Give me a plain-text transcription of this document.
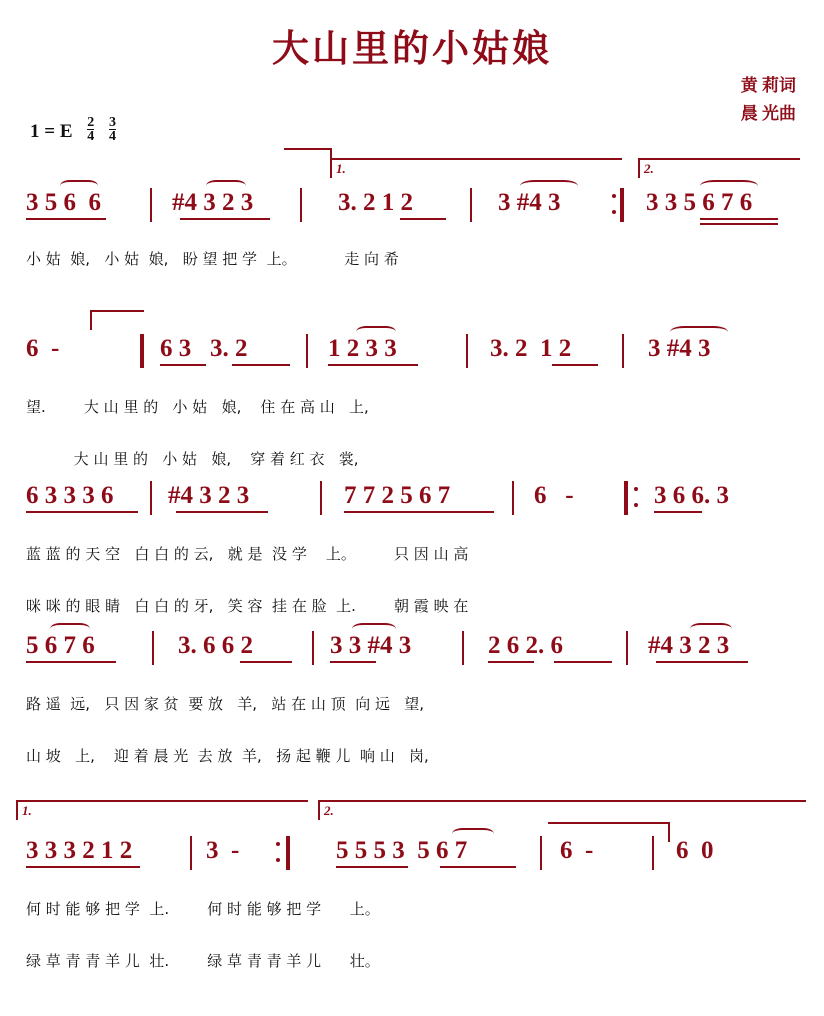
大山里的小姑娘
黄 莉词
晨 光曲
1 = E $\frac{2}{4}$
$\frac{3}{4}$
1.	2.
3 5 6  6	#4 3 2 3	3. 2 1 2	3 #4 3	3 3 5 6 7 6
小 姑  娘,   小 姑  娘,   盼 望 把 学  上。          走 向 希
6  -	6 3   3. 2	1 2 3 3	3. 2  1 2	3 #4 3
望.        大 山 里 的   小 姑   娘,    住 在 高 山   上,
大 山 里 的   小 姑   娘,    穿 着 红 衣   裳,
6 3 3 3 6 #4 3 2 3	7 7 2 5 6 7	6   -	3 6 6. 3
蓝 蓝 的 天 空   白 白 的 云,   就 是  没 学    上。        只 因 山 高
咪 咪 的 眼 睛   白 白 的 牙,   笑 容  挂 在 脸  上.        朝 霞 映 在
5 6 7 6	3. 6 6 2	3 3 #4 3	2 6 2. 6	#4 3 2 3
路 遥  远,   只 因 家 贫  要 放   羊,   站 在 山 顶  向 远   望,
山 坡   上,    迎 着 晨 光  去 放  羊,   扬 起 鞭 儿  响 山   岗,
1.	2.
3 3 3 2 1 2	3  -	5 5 5 3  5 6 7	6  -	6  0
何 时 能 够 把 学  上.        何 时 能 够 把 学      上。
绿 草 青 青 羊 儿  壮.        绿 草 青 青 羊 儿      壮。
